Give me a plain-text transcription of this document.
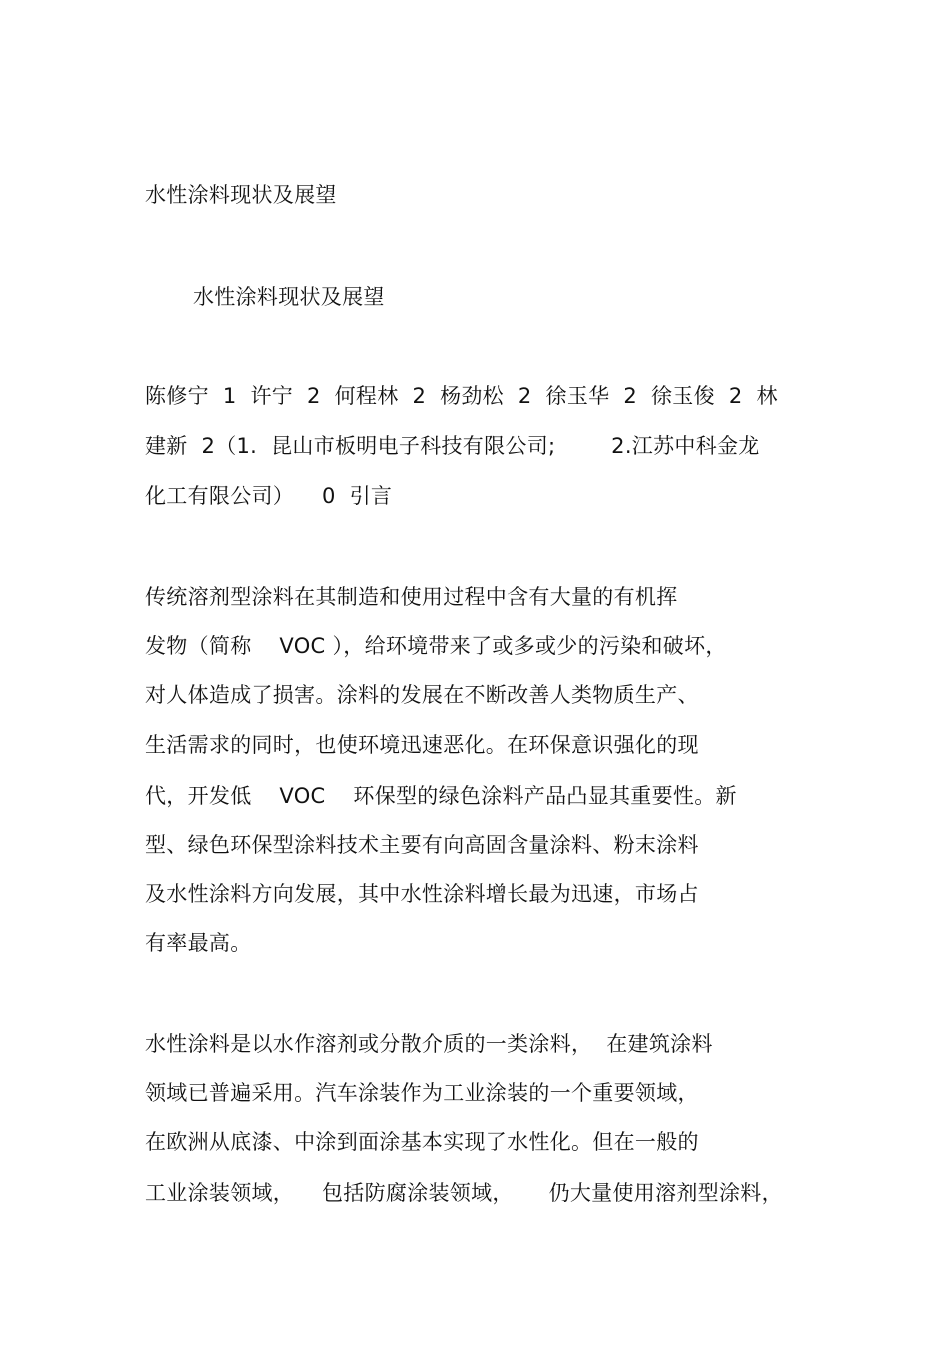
水性涂料现状及展望
水性涂料现状及展望
陈修宁  1  许宁  2  何程林  2  杨劲松  2  徐玉华  2  徐玉俊  2  林
建新  2（1.  昆山市板明电子科技有限公司;        2.江苏中科金龙
化工有限公司）    0  引言
传统溶剂型涂料在其制造和使用过程中含有大量的有机挥
发物（简称    VOC ），给环境带来了或多或少的污染和破坏，
对人体造成了损害。涂料的发展在不断改善人类物质生产、
生活需求的同时，也使环境迅速恶化。在环保意识强化的现
代，开发低    VOC    环保型的绿色涂料产品凸显其重要性。新
型、绿色环保型涂料技术主要有向高固含量涂料、粉末涂料
及水性涂料方向发展，其中水性涂料增长最为迅速，市场占
有率最高。
水性涂料是以水作溶剂或分散介质的一类涂料，  在建筑涂料
领域已普遍采用。汽车涂装作为工业涂装的一个重要领域，
在欧洲从底漆、中涂到面涂基本实现了水性化。但在一般的
工业涂装领域，    包括防腐涂装领域，     仍大量使用溶剂型涂料，
